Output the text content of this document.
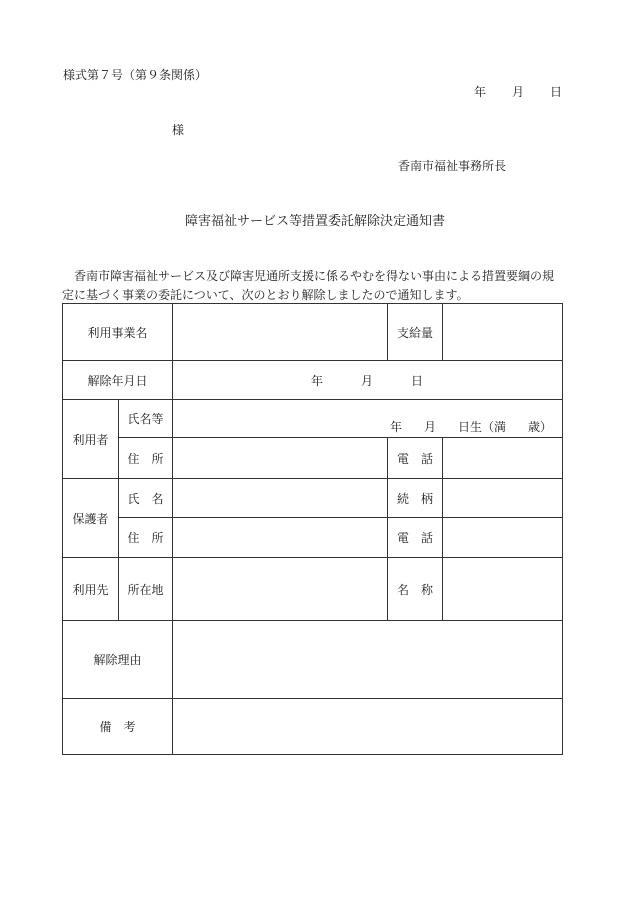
様式第７号（第９条関係）
年 月 日
様
香南市福祉事務所長
障害福祉サービス等措置委託解除決定通知書
　香南市障害福祉サービス及び障害児通所支援に係るやむを得ない事由による措置要綱の規定に基づく事業の委託について、次のとおり解除しましたので通知します。
利用事業名			支給量	
解除年月日		年 月 日		
利用者	氏名等	年 月 日生（満 歳）		
	住　所		電　話	
保護者	氏　名		続　柄	
	住　所		電　話	
利用先	所在地		名　称	
解除理由				
備　考				
